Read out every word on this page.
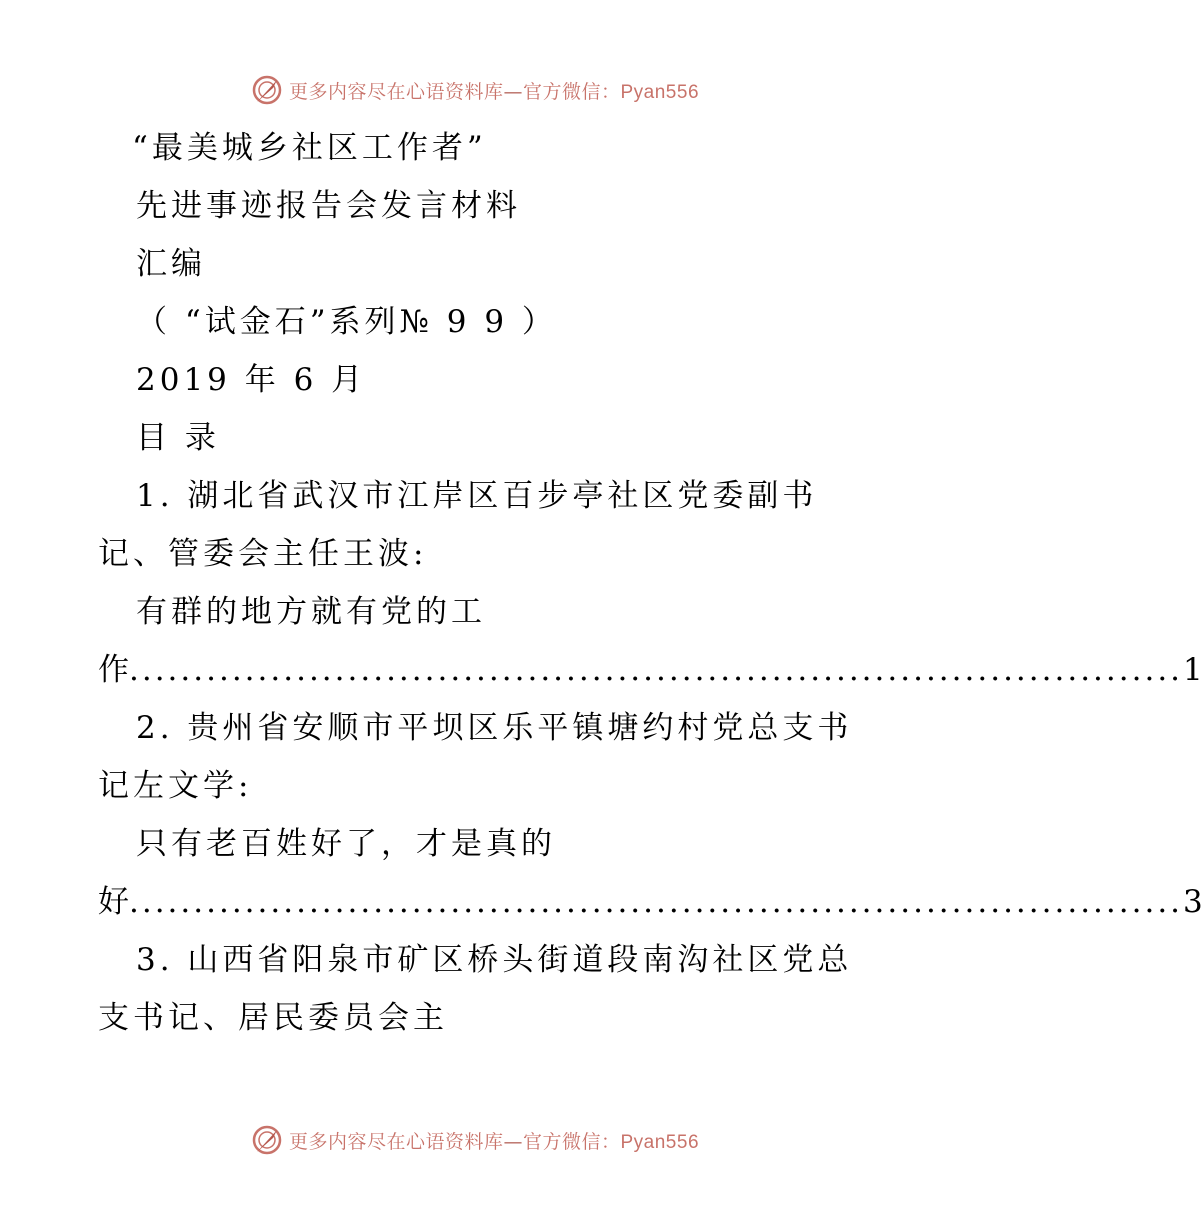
更多内容尽在心语资料库—官方微信：Pyan556
“最美城乡社区工作者”
先进事迹报告会发言材料
汇编
（ “试金石”系列№ 9 9 ）
2019 年 6 月
目 录
1. 湖北省武汉市江岸区百步亭社区党委副书
记、管委会主任王波:
有群的地方就有党的工
作 .................................................................................. 1
2. 贵州省安顺市平坝区乐平镇塘约村党总支书
记左文学:
只有老百姓好了，才是真的
好 .................................................................................. 3
3. 山西省阳泉市矿区桥头街道段南沟社区党总
支书记、居民委员会主
更多内容尽在心语资料库—官方微信：Pyan556
